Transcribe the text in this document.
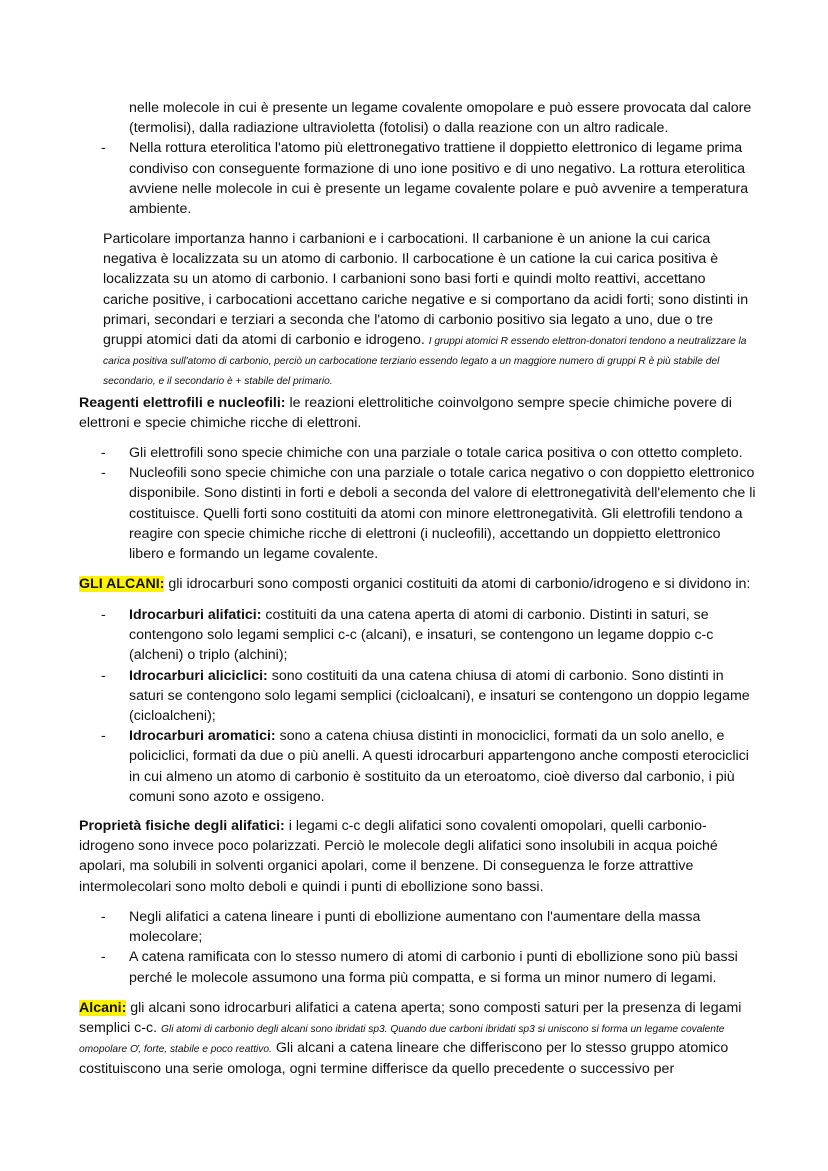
nelle molecole in cui è presente un legame covalente omopolare e può essere provocata dal calore (termolisi), dalla radiazione ultravioletta (fotolisi) o dalla reazione con un altro radicale.

- Nella rottura eterolitica l'atomo più elettronegativo trattiene il doppietto elettronico di legame prima condiviso con conseguente formazione di uno ione positivo e di uno negativo. La rottura eterolitica avviene nelle molecole in cui è presente un legame covalente polare e può avvenire a temperatura ambiente.

Particolare importanza hanno i carbanioni e i carbocationi. Il carbanione è un anione la cui carica negativa è localizzata su un atomo di carbonio. Il carbocatione è un catione la cui carica positiva è localizzata su un atomo di carbonio. I carbanioni sono basi forti e quindi molto reattivi, accettano cariche positive, i carbocationi accettano cariche negative e si comportano da acidi forti; sono distinti in primari, secondari e terziari a seconda che l'atomo di carbonio positivo sia legato a uno, due o tre gruppi atomici dati da atomi di carbonio e idrogeno. I gruppi atomici R essendo elettron-donatori tendono a neutralizzare la carica positiva sull'atomo di carbonio, perciò un carbocatione terziario essendo legato a un maggiore numero di gruppi R è più stabile del secondario, e il secondario è + stabile del primario.
Reagenti elettrofili e nucleofili: le reazioni elettrolitiche coinvolgono sempre specie chimiche povere di elettroni e specie chimiche ricche di elettroni.

- Gli elettrofili sono specie chimiche con una parziale o totale carica positiva o con ottetto completo.

- Nucleofili sono specie chimiche con una parziale o totale carica negativo o con doppietto elettronico disponibile. Sono distinti in forti e deboli a seconda del valore di elettronegatività dell'elemento che li costituisce. Quelli forti sono costituiti da atomi con minore elettronegatività. Gli elettrofili tendono a reagire con specie chimiche ricche di elettroni (i nucleofili), accettando un doppietto elettronico libero e formando un legame covalente.

GLI ALCANI: gli idrocarburi sono composti organici costituiti da atomi di carbonio/idrogeno e si dividono in:

- Idrocarburi alifatici: costituiti da una catena aperta di atomi di carbonio. Distinti in saturi, se contengono solo legami semplici c-c (alcani), e insaturi, se contengono un legame doppio c-c (alcheni) o triplo (alchini);

- Idrocarburi aliciclici: sono costituiti da una catena chiusa di atomi di carbonio. Sono distinti in saturi se contengono solo legami semplici (cicloalcani), e insaturi se contengono un doppio legame (cicloalcheni);

- Idrocarburi aromatici: sono a catena chiusa distinti in monociclici, formati da un solo anello, e policiclici, formati da due o più anelli. A questi idrocarburi appartengono anche composti eterociclici in cui almeno un atomo di carbonio è sostituito da un eteroatomo, cioè diverso dal carbonio, i più comuni sono azoto e ossigeno.

Proprietà fisiche degli alifatici: i legami c-c degli alifatici sono covalenti omopolari, quelli carbonio-idrogeno sono invece poco polarizzati. Perciò le molecole degli alifatici sono insolubili in acqua poiché apolari, ma solubili in solventi organici apolari, come il benzene. Di conseguenza le forze attrattive intermolecolari sono molto deboli e quindi i punti di ebollizione sono bassi.

- Negli alifatici a catena lineare i punti di ebollizione aumentano con l'aumentare della massa molecolare;

- A catena ramificata con lo stesso numero di atomi di carbonio i punti di ebollizione sono più bassi perché le molecole assumono una forma più compatta, e si forma un minor numero di legami.

Alcani: gli alcani sono idrocarburi alifatici a catena aperta; sono composti saturi per la presenza di legami semplici c-c. Gli atomi di carbonio degli alcani sono ibridati sp3. Quando due carboni ibridati sp3 si uniscono si forma un legame covalente omopolare Ơ, forte, stabile e poco reattivo. Gli alcani a catena lineare che differiscono per lo stesso gruppo atomico costituiscono una serie omologa, ogni termine differisce da quello precedente o successivo per
